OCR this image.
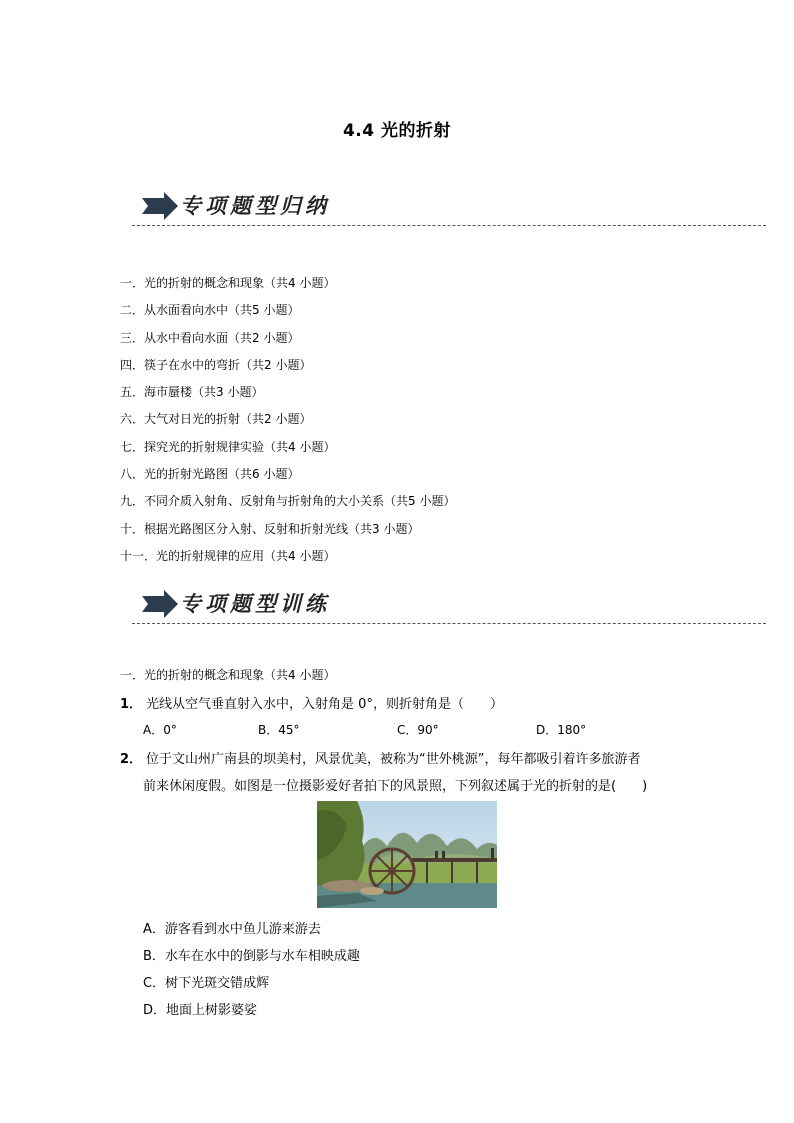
4.4 光的折射
专项题型归纳
一．光的折射的概念和现象（共4 小题）
二．从水面看向水中（共5 小题）
三．从水中看向水面（共2 小题）
四．筷子在水中的弯折（共2 小题）
五．海市蜃楼（共3 小题）
六．大气对日光的折射（共2 小题）
七．探究光的折射规律实验（共4 小题）
八．光的折射光路图（共6 小题）
九．不同介质入射角、反射角与折射角的大小关系（共5 小题）
十．根据光路图区分入射、反射和折射光线（共3 小题）
十一．光的折射规律的应用（共4 小题）
专项题型训练
一．光的折射的概念和现象（共4 小题）
1． 光线从空气垂直射入水中，入射角是 0°，则折射角是（　　）
A．0°	B．45°	C．90°	D．180°
2． 位于文山州广南县的坝美村，风景优美，被称为“世外桃源”，每年都吸引着许多旅游者
前来休闲度假。如图是一位摄影爱好者拍下的风景照，下列叙述属于光的折射的是(　　)
A．游客看到水中鱼儿游来游去
B．水车在水中的倒影与水车相映成趣
C．树下光斑交错成辉
D．地面上树影婆娑
